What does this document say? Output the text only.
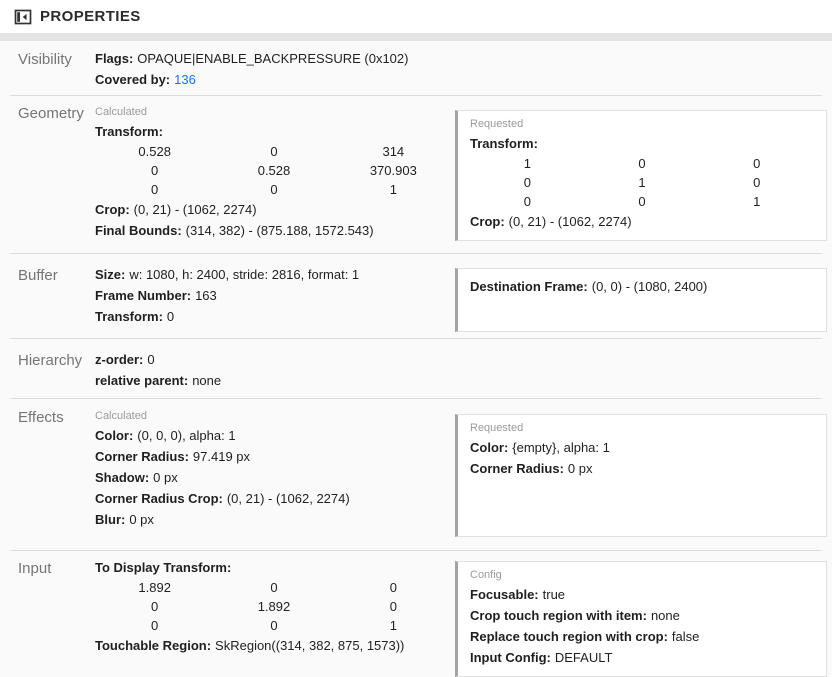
PROPERTIES
Visibility	Flags: OPAQUE|ENABLE_BACKPRESSURE (0x102)
Covered by: 136
Geometry	Calculated
Transform:
0.528	0	314
0	0.528	370.903
0	0	1
Crop: (0, 21) - (1062, 2274)
Final Bounds: (314, 382) - (875.188, 1572.543)
Requested
Transform:
1	0	0
0	1	0
0	0	1
Crop: (0, 21) - (1062, 2274)
Buffer	Size: w: 1080, h: 2400, stride: 2816, format: 1
Frame Number: 163
Transform: 0
Destination Frame: (0, 0) - (1080, 2400)
Hierarchy z-order: 0
relative parent: none
Effects	Calculated
Color: (0, 0, 0), alpha: 1
Corner Radius: 97.419 px
Shadow: 0 px
Corner Radius Crop: (0, 21) - (1062, 2274)
Blur: 0 px
Requested
Color: {empty}, alpha: 1
Corner Radius: 0 px
Input	To Display Transform:
1.892	0	0
0	1.892	0
0	0	1
Touchable Region: SkRegion((314, 382, 875, 1573))
Config
Focusable: true
Crop touch region with item: none
Replace touch region with crop: false
Input Config: DEFAULT
